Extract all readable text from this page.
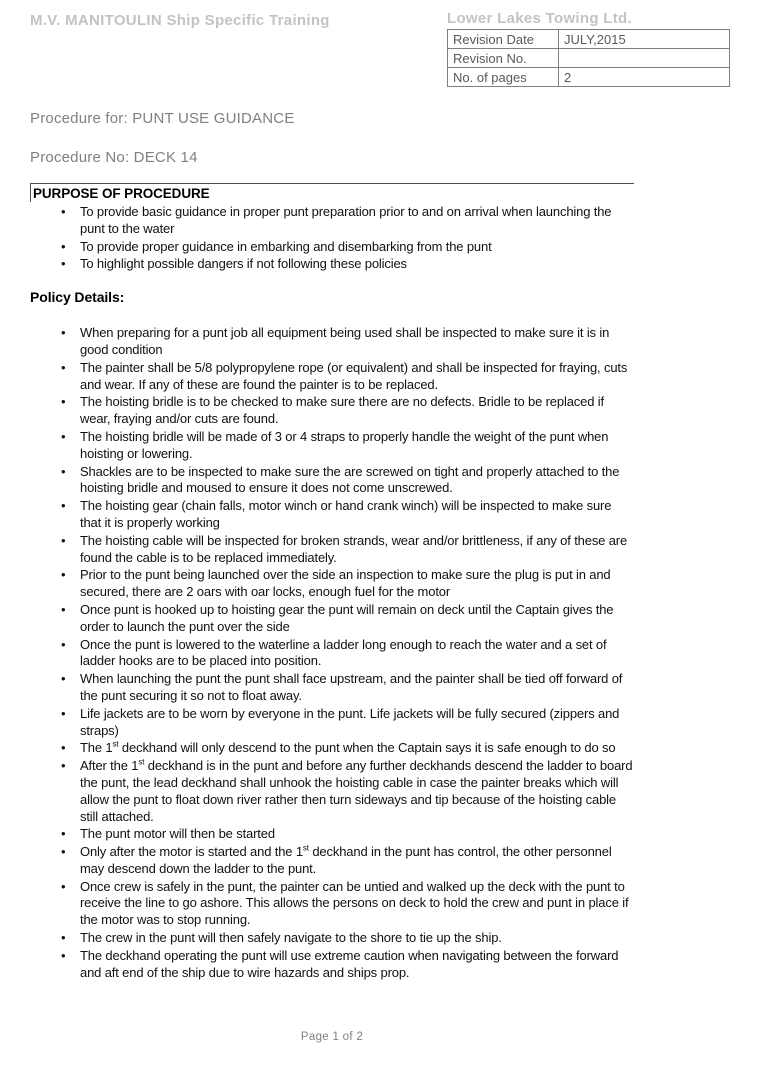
M.V. MANITOULIN Ship Specific Training	Lower Lakes Towing Ltd.
Revision Date	JULY,2015
Revision No.	
No. of pages	2
Procedure for: PUNT USE GUIDANCE
Procedure No: DECK 14
PURPOSE OF PROCEDURE
• To provide basic guidance in proper punt preparation prior to and on arrival when launching the punt to the water
• To provide proper guidance in embarking and disembarking from the punt
• To highlight possible dangers if not following these policies
Policy Details:
• When preparing for a punt job all equipment being used shall be inspected to make sure it is in good condition
• The painter shall be 5/8 polypropylene rope (or equivalent) and shall be inspected for fraying, cuts and wear. If any of these are found the painter is to be replaced.
• The hoisting bridle is to be checked to make sure there are no defects. Bridle to be replaced if wear, fraying and/or cuts are found.
• The hoisting bridle will be made of 3 or 4 straps to properly handle the weight of the punt when hoisting or lowering.
• Shackles are to be inspected to make sure the are screwed on tight and properly attached to the hoisting bridle and moused to ensure it does not come unscrewed.
• The hoisting gear (chain falls, motor winch or hand crank winch) will be inspected to make sure that it is properly working
• The hoisting cable will be inspected for broken strands, wear and/or brittleness, if any of these are found the cable is to be replaced immediately.
• Prior to the punt being launched over the side an inspection to make sure the plug is put in and secured, there are 2 oars with oar locks, enough fuel for the motor
• Once punt is hooked up to hoisting gear the punt will remain on deck until the Captain gives the order to launch the punt over the side
• Once the punt is lowered to the waterline a ladder long enough to reach the water and a set of ladder hooks are to be placed into position.
• When launching the punt the punt shall face upstream, and the painter shall be tied off forward of the punt securing it so not to float away.
• Life jackets are to be worn by everyone in the punt. Life jackets will be fully secured (zippers and straps)
• The 1st deckhand will only descend to the punt when the Captain says it is safe enough to do so
• After the 1st deckhand is in the punt and before any further deckhands descend the ladder to board the punt, the lead deckhand shall unhook the hoisting cable in case the painter breaks which will allow the punt to float down river rather then turn sideways and tip because of the hoisting cable still attached.
• The punt motor will then be started
• Only after the motor is started and the 1st deckhand in the punt has control, the other personnel may descend down the ladder to the punt.
• Once crew is safely in the punt, the painter can be untied and walked up the deck with the punt to receive the line to go ashore. This allows the persons on deck to hold the crew and punt in place if the motor was to stop running.
• The crew in the punt will then safely navigate to the shore to tie up the ship.
• The deckhand operating the punt will use extreme caution when navigating between the forward and aft end of the ship due to wire hazards and ships prop.
Page 1 of 2
